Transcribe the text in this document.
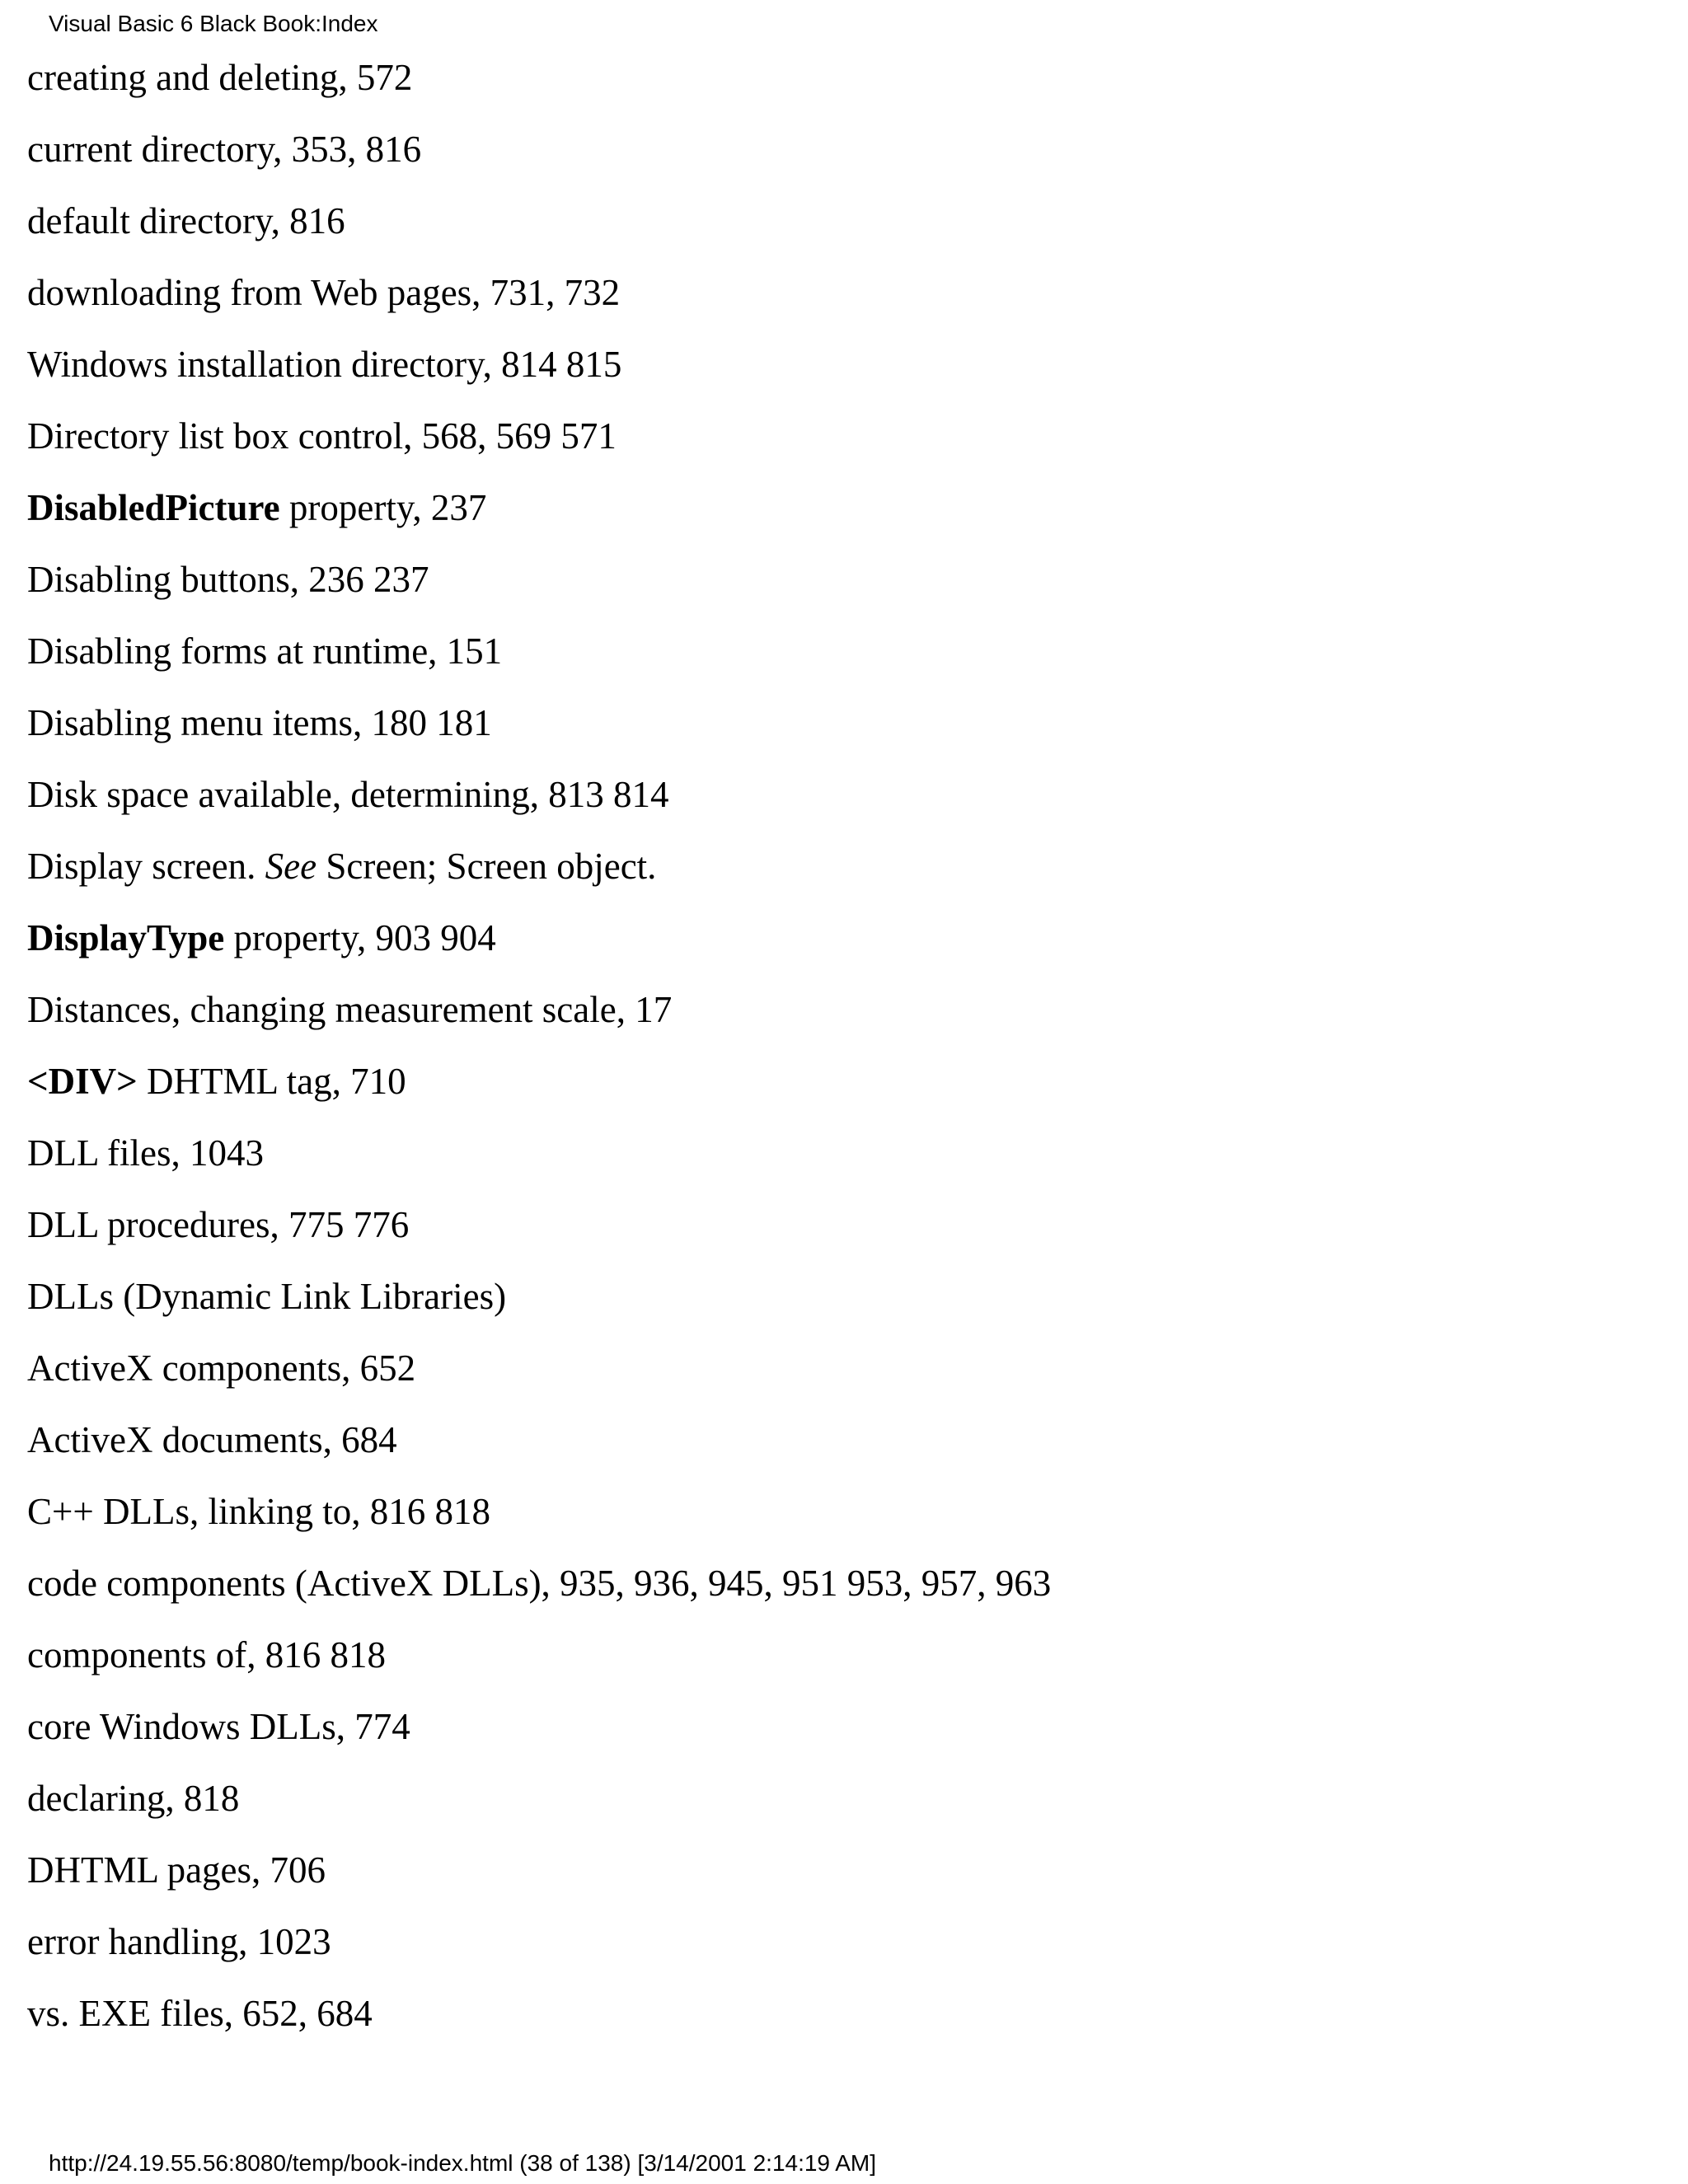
Visual Basic 6 Black Book:Index
creating and deleting, 572
current directory, 353, 816
default directory, 816
downloading from Web pages, 731, 732
Windows installation directory, 814 815
Directory list box control, 568, 569 571
DisabledPicture property, 237
Disabling buttons, 236 237
Disabling forms at runtime, 151
Disabling menu items, 180 181
Disk space available, determining, 813 814
Display screen. See Screen; Screen object.
DisplayType property, 903 904
Distances, changing measurement scale, 17
<DIV> DHTML tag, 710
DLL files, 1043
DLL procedures, 775 776
DLLs (Dynamic Link Libraries)
ActiveX components, 652
ActiveX documents, 684
C++ DLLs, linking to, 816 818
code components (ActiveX DLLs), 935, 936, 945, 951 953, 957, 963
components of, 816 818
core Windows DLLs, 774
declaring, 818
DHTML pages, 706
error handling, 1023
vs. EXE files, 652, 684
http://24.19.55.56:8080/temp/book-index.html (38 of 138) [3/14/2001 2:14:19 AM]
